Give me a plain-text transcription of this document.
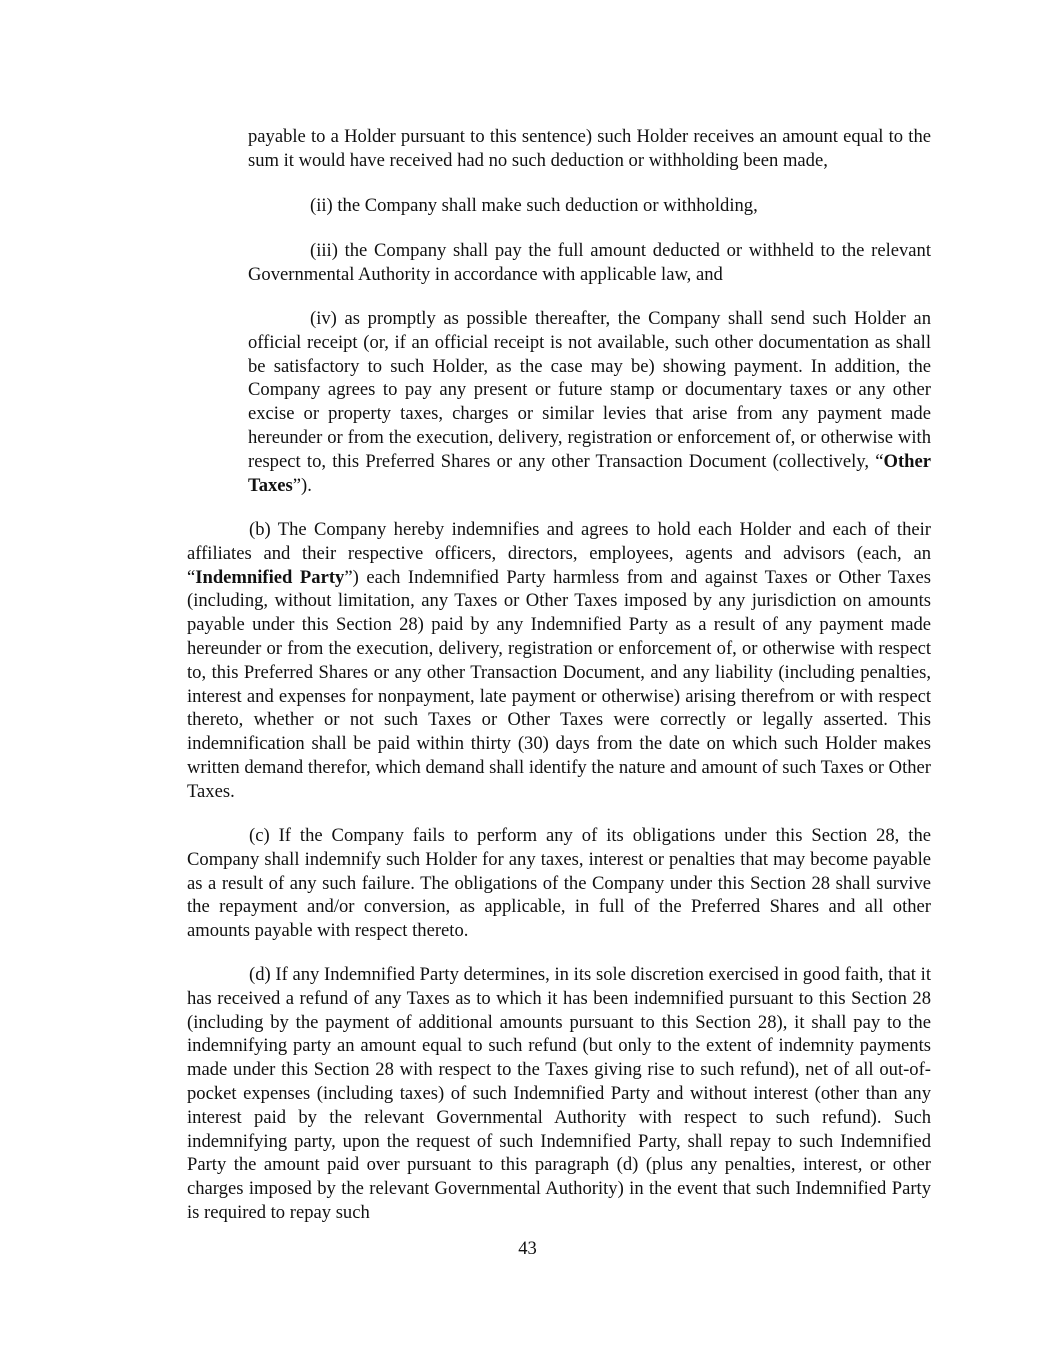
payable to a Holder pursuant to this sentence) such Holder receives an amount equal to the sum it would have received had no such deduction or withholding been made,

(ii) the Company shall make such deduction or withholding,

(iii) the Company shall pay the full amount deducted or withheld to the relevant Governmental Authority in accordance with applicable law, and

(iv) as promptly as possible thereafter, the Company shall send such Holder an official receipt (or, if an official receipt is not available, such other documentation as shall be satisfactory to such Holder, as the case may be) showing payment. In addition, the Company agrees to pay any present or future stamp or documentary taxes or any other excise or property taxes, charges or similar levies that arise from any payment made hereunder or from the execution, delivery, registration or enforcement of, or otherwise with respect to, this Preferred Shares or any other Transaction Document (collectively, “Other Taxes”).

(b) The Company hereby indemnifies and agrees to hold each Holder and each of their affiliates and their respective officers, directors, employees, agents and advisors (each, an “Indemnified Party”) each Indemnified Party harmless from and against Taxes or Other Taxes (including, without limitation, any Taxes or Other Taxes imposed by any jurisdiction on amounts payable under this Section 28) paid by any Indemnified Party as a result of any payment made hereunder or from the execution, delivery, registration or enforcement of, or otherwise with respect to, this Preferred Shares or any other Transaction Document, and any liability (including penalties, interest and expenses for nonpayment, late payment or otherwise) arising therefrom or with respect thereto, whether or not such Taxes or Other Taxes were correctly or legally asserted. This indemnification shall be paid within thirty (30) days from the date on which such Holder makes written demand therefor, which demand shall identify the nature and amount of such Taxes or Other Taxes.

(c) If the Company fails to perform any of its obligations under this Section 28, the Company shall indemnify such Holder for any taxes, interest or penalties that may become payable as a result of any such failure. The obligations of the Company under this Section 28 shall survive the repayment and/or conversion, as applicable, in full of the Preferred Shares and all other amounts payable with respect thereto.

(d) If any Indemnified Party determines, in its sole discretion exercised in good faith, that it has received a refund of any Taxes as to which it has been indemnified pursuant to this Section 28 (including by the payment of additional amounts pursuant to this Section 28), it shall pay to the indemnifying party an amount equal to such refund (but only to the extent of indemnity payments made under this Section 28 with respect to the Taxes giving rise to such refund), net of all out-of-pocket expenses (including taxes) of such Indemnified Party and without interest (other than any interest paid by the relevant Governmental Authority with respect to such refund). Such indemnifying party, upon the request of such Indemnified Party, shall repay to such Indemnified Party the amount paid over pursuant to this paragraph (d) (plus any penalties, interest, or other charges imposed by the relevant Governmental Authority) in the event that such Indemnified Party is required to repay such

43
